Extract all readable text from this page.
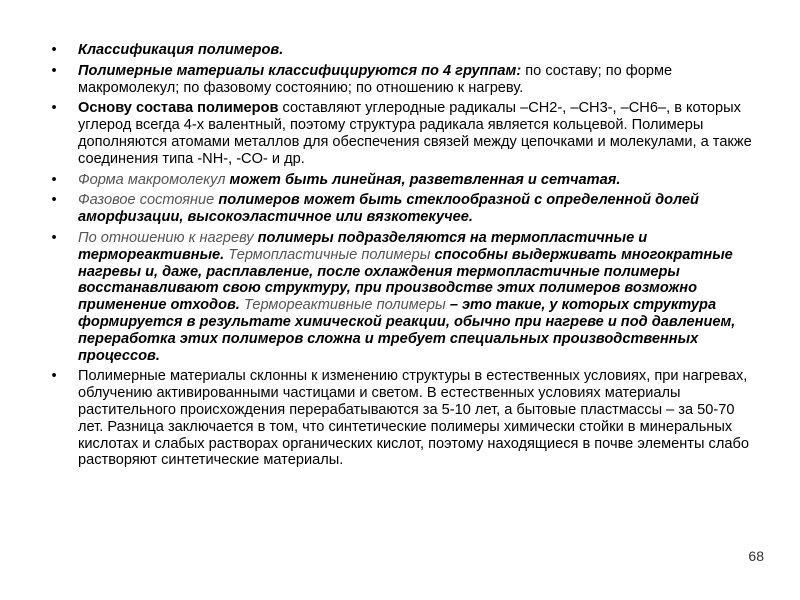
• Классификация полимеров.
• Полимерные материалы классифицируются по 4 группам: по составу; по форме макромолекул; по фазовому состоянию; по отношению к нагреву.
• Основу состава полимеров составляют углеродные радикалы –СН2-, –СН3-, –СН6–, в которых углерод всегда 4-х валентный, поэтому структура радикала является кольцевой. Полимеры дополняются атомами металлов для обеспечения связей между цепочками и молекулами, а также соединения типа -NH-, -CO- и др.
• Форма макромолекул может быть линейная, разветвленная и сетчатая.
• Фазовое состояние полимеров может быть стеклообразной с определенной долей аморфизации, высокоэластичное или вязкотекучее.
• По отношению к нагреву полимеры подразделяются на термопластичные и термореактивные. Термопластичные полимеры способны выдерживать многократные нагревы и, даже, расплавление, после охлаждения термопластичные полимеры восстанавливают свою структуру, при производстве этих полимеров возможно применение отходов. Термореактивные полимеры – это такие, у которых структура формируется в результате химической реакции, обычно при нагреве и под давлением, переработка этих полимеров сложна и требует специальных производственных процессов.
• Полимерные материалы склонны к изменению структуры в естественных условиях, при нагревах, облучению активированными частицами и светом. В естественных условиях материалы растительного происхождения перерабатываются за 5-10 лет, а бытовые пластмассы – за 50-70 лет. Разница заключается в том, что синтетические полимеры химически стойки в минеральных кислотах и слабых растворах органических кислот, поэтому находящиеся в почве элементы слабо растворяют синтетические материалы.
68
